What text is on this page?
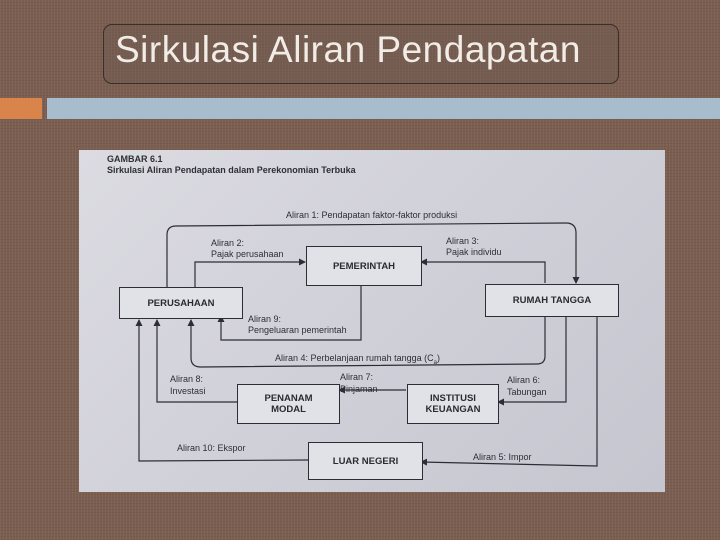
Sirkulasi Aliran Pendapatan
GAMBAR 6.1
Sirkulasi Aliran Pendapatan dalam Perekonomian Terbuka
PEMERINTAH
PERUSAHAAN	RUMAH TANGGA
PENANAM
MODAL
INSTITUSI
KEUANGAN
LUAR NEGERI
Aliran 1: Pendapatan faktor-faktor produksi
Aliran 2:
Pajak perusahaan
Aliran 3:
Pajak individu
Aliran 9:
Pengeluaran pemerintah
Aliran 4: Perbelanjaan rumah tangga $(C_a)$
Aliran 8:
Investasi
Aliran 7:
Pinjaman
Aliran 6:
Tabungan
Aliran 10: Ekspor
Aliran 5: Impor
